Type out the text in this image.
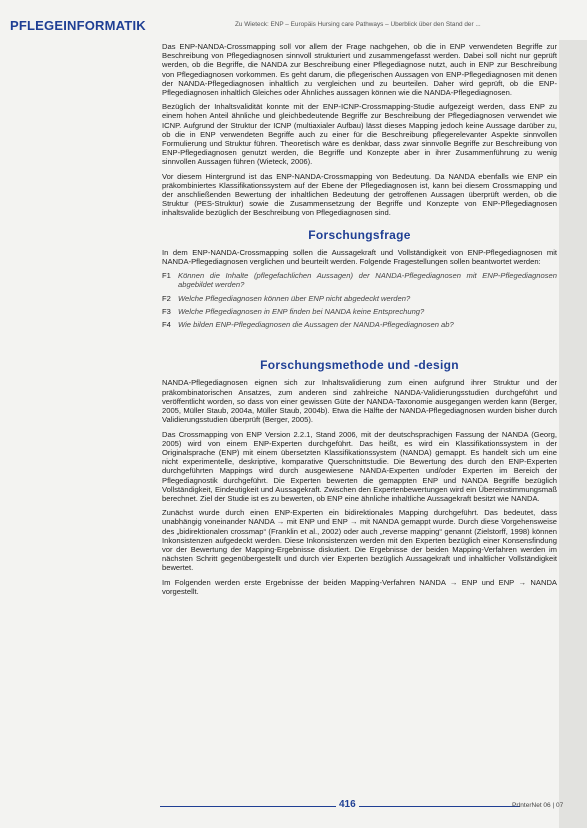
PFLEGEINFORMATIK	Zu Wieteck: ENP – Europäis Hursing care Pathways – Überblick über den Stand der ...

Das ENP-NANDA-Crossmapping soll vor allem der Frage nachgehen, ob die in ENP verwendeten Begriffe zur Beschreibung von Pflegediagnosen sinnvoll strukturiert und zusammengefasst werden. Dabei soll nicht nur geprüft werden, ob die Begriffe, die NANDA zur Beschreibung einer Pflegediagnose nutzt, auch in ENP zur Beschreibung von Pflegediagnosen vorkommen. Es geht darum, die pflegerischen Aussagen von ENP-Pflegediagnosen mit denen der NANDA-Pflegediagnosen inhaltlich zu vergleichen und zu beurteilen. Daher wird geprüft, ob die ENP-Pflegediagnosen inhaltlich Gleiches oder Ähnliches aussagen können wie die NANDA-Pflegediagnosen.

Bezüglich der Inhaltsvalidität konnte mit der ENP-ICNP-Crossmapping-Studie aufgezeigt werden, dass ENP zu einem hohen Anteil ähnliche und gleichbedeutende Begriffe zur Beschreibung der Pflegediagnosen verwendet wie ICNP. Aufgrund der Struktur der ICNP (multiaxialer Aufbau) lässt dieses Mapping jedoch keine Aussage darüber zu, ob die in ENP verwendeten Begriffe auch zu einer für die Beschreibung pflegerelevanter Aspekte sinnvollen Formulierung und Struktur führen. Theoretisch wäre es denkbar, dass zwar sinnvolle Begriffe zur Beschreibung von ENP-Pflegediagnosen genutzt werden, die Begriffe und Konzepte aber in ihrer Zusammenführung zu wenig sinnvollen Aussagen führen (Wieteck, 2006).

Vor diesem Hintergrund ist das ENP-NANDA-Crossmapping von Bedeutung. Da NANDA ebenfalls wie ENP ein präkombiniertes Klassifikationssystem auf der Ebene der Pflegediagnosen ist, kann bei diesem Crossmapping und der anschließenden Bewertung der inhaltlichen Bedeutung der getroffenen Aussagen überprüft werden, ob die Struktur (PES-Struktur) sowie die Zusammensetzung der Begriffe und Konzepte von ENP-Pflegediagnosen inhaltsvalide bezüglich der Beschreibung von Pflegediagnosen sind.

Forschungsfrage

In dem ENP-NANDA-Crossmapping sollen die Aussagekraft und Vollständigkeit von ENP-Pflegediagnosen mit NANDA-Pflegediagnosen verglichen und beurteilt werden. Folgende Fragestellungen sollen beantwortet werden:

F1 Können die Inhalte (pflegefachlichen Aussagen) der NANDA-Pflegediagnosen mit ENP-Pflegediagnosen abgebildet werden?
F2 Welche Pflegediagnosen können über ENP nicht abgedeckt werden?
F3 Welche Pflegediagnosen in ENP finden bei NANDA keine Entsprechung?
F4 Wie bilden ENP-Pflegediagnosen die Aussagen der NANDA-Pflegediagnosen ab?
Forschungsmethode und -design

NANDA-Pflegediagnosen eignen sich zur Inhaltsvalidierung zum einen aufgrund ihrer Struktur und der präkombinatorischen Ansatzes, zum anderen sind zahlreiche NANDA-Validierungsstudien durchgeführt und veröffentlicht worden, so dass von einer gewissen Güte der NANDA-Taxonomie ausgegangen werden kann (Berger, 2005, Müller Staub, 2004a, Müller Staub, 2004b). Etwa die Hälfte der NANDA-Pflegediagnosen wurden bisher durch Validierungsstudien überprüft (Berger, 2005).

Das Crossmapping von ENP Version 2.2.1, Stand 2006, mit der deutschsprachigen Fassung der NANDA (Georg, 2005) wird von einem ENP-Experten durchgeführt. Das heißt, es wird ein Klassifikationssystem in der Originalsprache (ENP) mit einem übersetzten Klassifikationssystem (NANDA) gemappt. Es handelt sich um eine nicht experimentelle, deskriptive, komparative Querschnittstudie. Die Bewertung des durch den ENP-Experten durchgeführten Mappings wird durch ausgewiesene NANDA-Experten und/oder Experten im Bereich der Pflegediagnostik durchgeführt. Die Experten bewerten die gemappten ENP und NANDA Begriffe bezüglich Vollständigkeit, Eindeutigkeit und Aussagekraft. Zwischen den Expertenbewertungen wird ein Übereinstimmungsmaß berechnet. Ziel der Studie ist es zu bewerten, ob ENP eine ähnliche inhaltliche Aussagekraft besitzt wie NANDA.

Zunächst wurde durch einen ENP-Experten ein bidirektionales Mapping durchgeführt. Das bedeutet, dass unabhängig voneinander NANDA → mit ENP und ENP → mit NANDA gemappt wurde. Durch diese Vorgehensweise des „bidirektionalen crossmap“ (Franklin et al., 2002) oder auch „reverse mapping“ genannt (Zielstorff, 1998) können Inkonsistenzen aufgedeckt werden. Diese Inkonsistenzen werden mit den Experten bezüglich einer Konsensfindung vor der Bewertung der Mapping-Ergebnisse diskutiert. Die Ergebnisse der beiden Mapping-Verfahren werden im nächsten Schritt gegenübergestellt und durch vier Experten bezüglich Aussagekraft und inhaltlicher Vollständigkeit bewertet.

Im Folgenden werden erste Ergebnisse der beiden Mapping-Verfahren NANDA → ENP und ENP → NANDA vorgestellt.

416	PrInterNet 06 | 07
